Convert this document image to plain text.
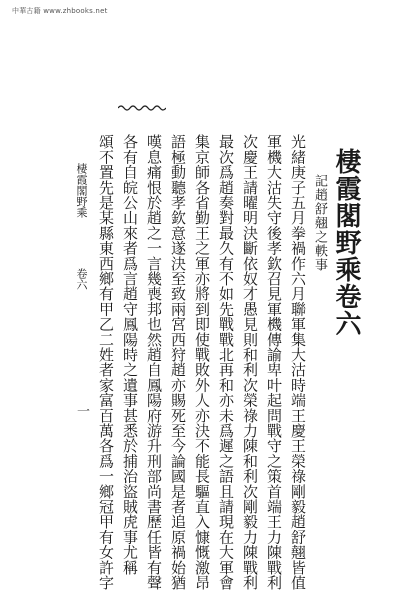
中華古籍 www.zhbooks.net
棲霞閣野乘卷六
記趙舒翹之軼事
光緒庚子五月拳禍作六月聯軍集大沽時端王慶王榮祿剛毅趙舒翹皆值
軍機大沽失守後孝欽召見軍機傳諭卑叶起問戰守之策首端王力陳戰利
次慶王請曜明決斷依奴才愚見則和利次榮祿力陳和利次剛毅力陳戰利
最次爲趙奏對最久有不如先戰戰北再和亦未爲遲之語且請現在大軍會
集京師各省勤王之軍亦將到即使戰敗外人亦決不能長驅直入慷慨激昂
語極動聽孝欽意遂決至致兩宮西狩趙亦賜死至今論國是者追原禍始猶
嘆息痛恨於趙之一言幾喪邦也然趙自鳳陽府游升刑部尚書歷任皆有聲
各有自皖公山來者爲言趙守鳳陽時之遺事甚悉於捕治盜賊虎事尤稱
頌不置先是某縣東西鄉有甲乙二姓者家富百萬各爲一鄉冠甲有女許字
棲霞閣野乘
卷六
一
